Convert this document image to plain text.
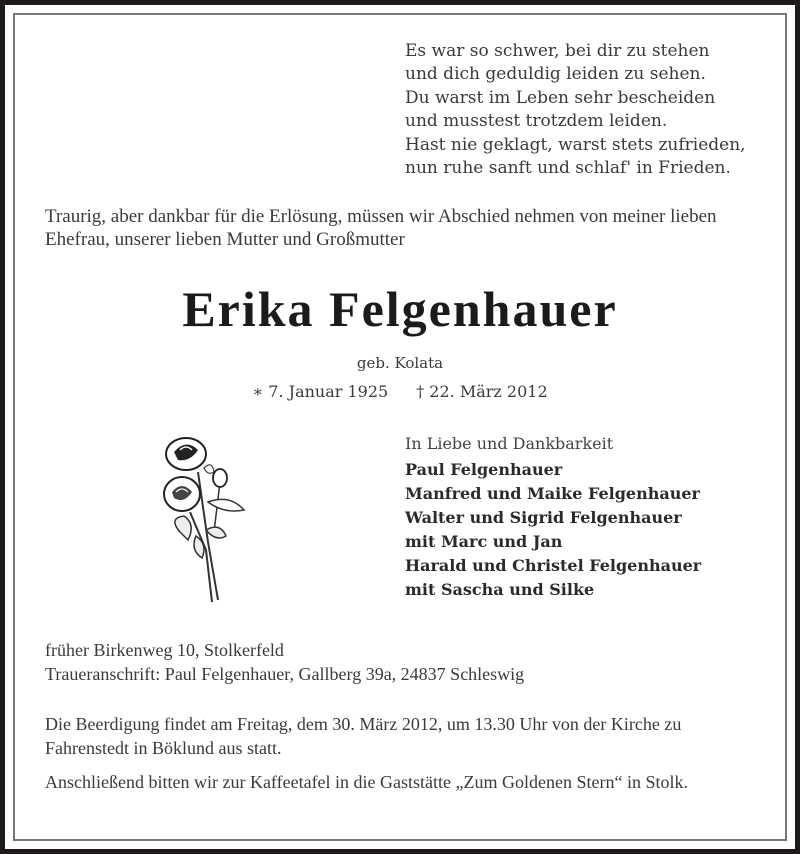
Es war so schwer, bei dir zu stehen
und dich geduldig leiden zu sehen.
Du warst im Leben sehr bescheiden
und musstest trotzdem leiden.
Hast nie geklagt, warst stets zufrieden,
nun ruhe sanft und schlaf' in Frieden.
Traurig, aber dankbar für die Erlösung, müssen wir Abschied nehmen von meiner lieben Ehefrau, unserer lieben Mutter und Großmutter
Erika Felgenhauer
geb. Kolata
∗ 7. Januar 1925 † 22. März 2012
In Liebe und Dankbarkeit
Paul Felgenhauer
Manfred und Maike Felgenhauer
Walter und Sigrid Felgenhauer
mit Marc und Jan
Harald und Christel Felgenhauer
mit Sascha und Silke
früher Birkenweg 10, Stolkerfeld
Traueranschrift: Paul Felgenhauer, Gallberg 39a, 24837 Schleswig

Die Beerdigung findet am Freitag, dem 30. März 2012, um 13.30 Uhr von der Kirche zu Fahrenstedt in Böklund aus statt.

Anschließend bitten wir zur Kaffeetafel in die Gaststätte „Zum Goldenen Stern“ in Stolk.
